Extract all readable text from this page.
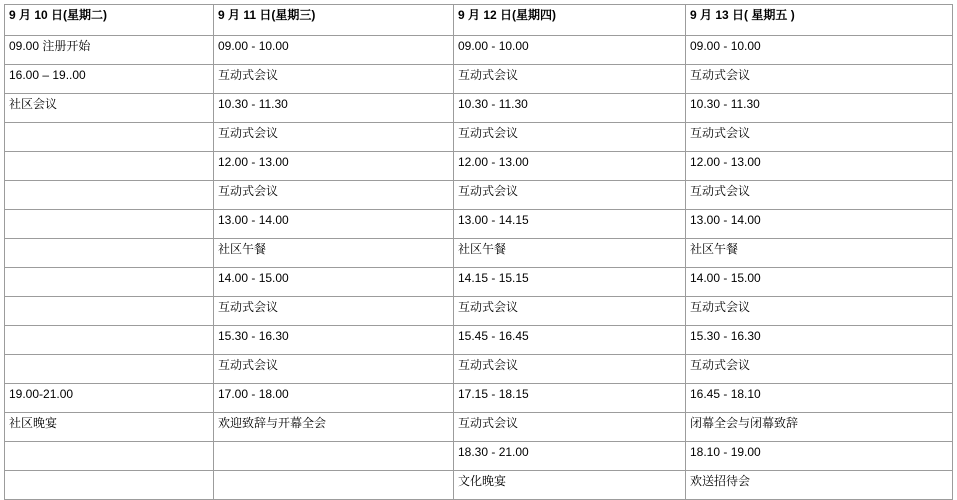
9 月 10 日(星期二)	9 月 11 日(星期三)	9 月 12 日(星期四)	9 月 13 日( 星期五 )
09.00 注册开始	09.00 - 10.00	09.00 - 10.00	09.00 - 10.00
16.00 – 19..00	互动式会议	互动式会议	互动式会议
社区会议	10.30 - 11.30	10.30 - 11.30	10.30 - 11.30
	互动式会议	互动式会议	互动式会议
	12.00 - 13.00	12.00 - 13.00	12.00 - 13.00
	互动式会议	互动式会议	互动式会议
	13.00 - 14.00	13.00 - 14.15	13.00 - 14.00
	社区午餐	社区午餐	社区午餐
	14.00 - 15.00	14.15 - 15.15	14.00 - 15.00
	互动式会议	互动式会议	互动式会议
	15.30 - 16.30	15.45 - 16.45	15.30 - 16.30
	互动式会议	互动式会议	互动式会议
19.00-21.00	17.00 - 18.00	17.15 - 18.15	16.45 - 18.10
社区晚宴	欢迎致辞与开幕全会	互动式会议	闭幕全会与闭幕致辞
		18.30 - 21.00	18.10 - 19.00
		文化晚宴	欢送招待会
